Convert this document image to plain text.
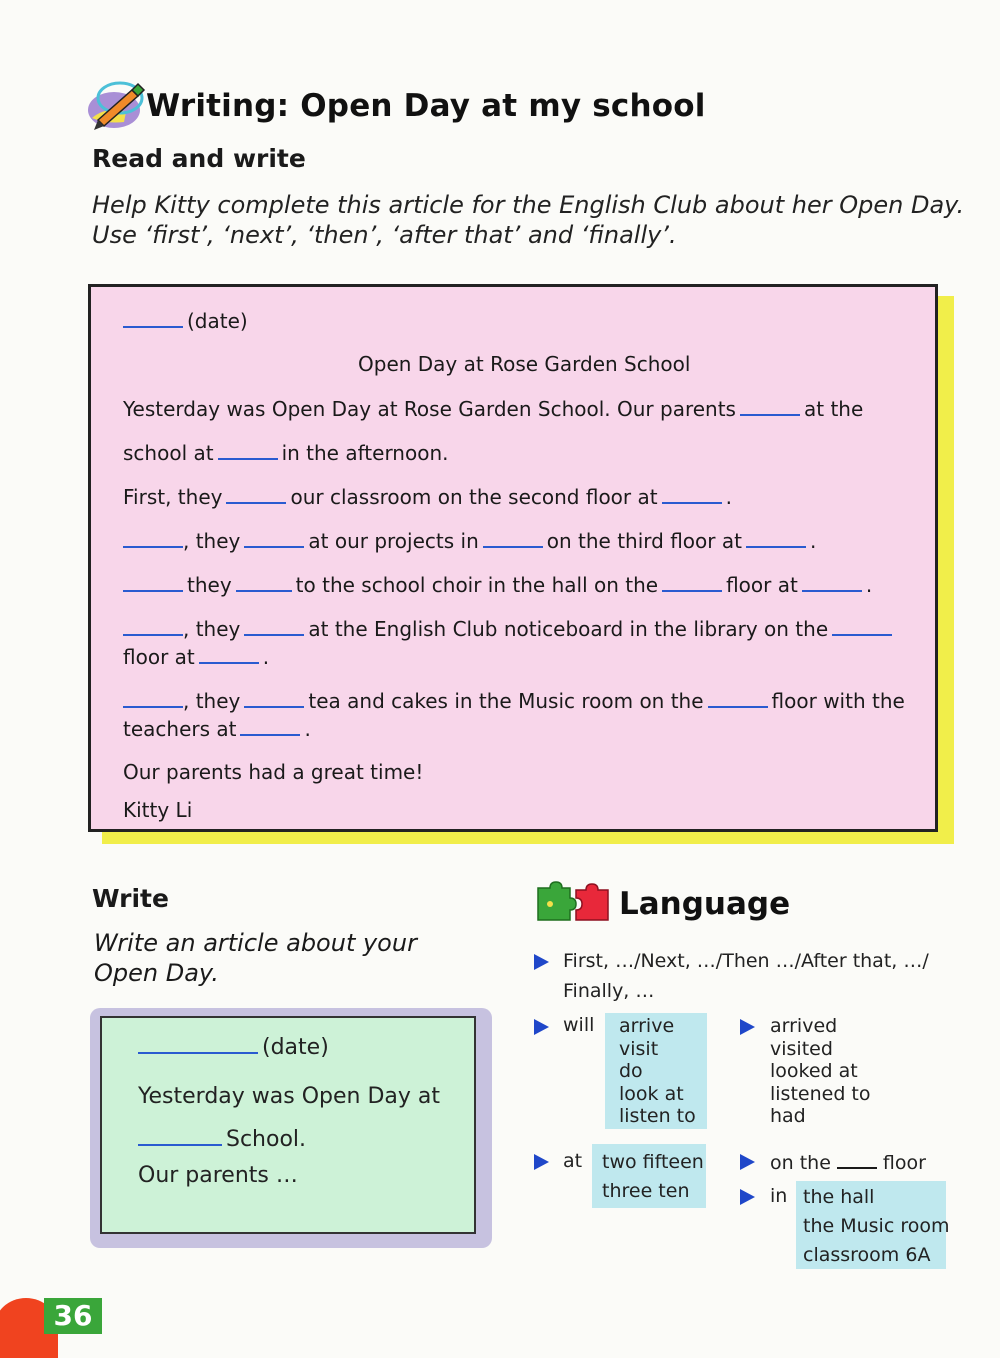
Writing: Open Day at my school
Read and write
Help Kitty complete this article for the English Club about her Open Day.
Use ‘first’, ‘next’, ‘then’, ‘after that’ and ‘finally’.
(date)
Open Day at Rose Garden School
Yesterday was Open Day at Rose Garden School. Our parents	at the
school at	in the afternoon.
First, they	our classroom on the second floor at	.
, they	at our projects in	on the third floor at	.
they	to the school choir in the hall on the	floor at	.
, they	at the English Club noticeboard in the library on the
floor at	.
, they	tea and cakes in the Music room on the	floor with the
teachers at	.
Our parents had a great time!
Kitty Li
Write
Write an article about your
Open Day.
(date)
Yesterday was Open Day at
School.
Our parents …
Language
First, …/Next, …/Then …/After that, …/
Finally, …
will arrive
visit
do
look at
listen to
arrived
visited
looked at
listened to
had
at two fifteen
three ten
on the	floor
in the hall
the Music room
classroom 6A
36
